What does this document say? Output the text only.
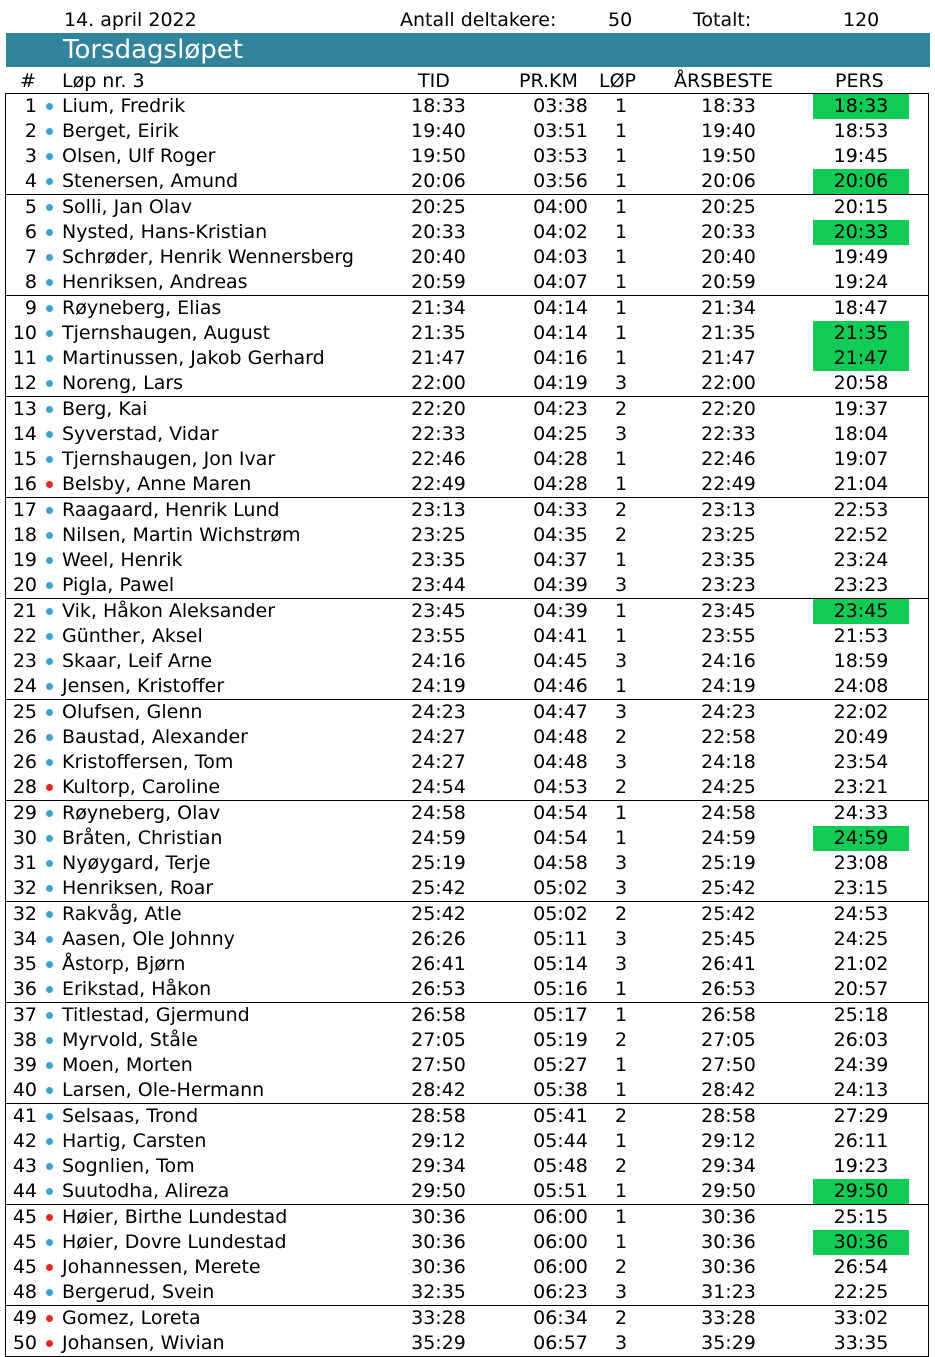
14. april 2022	Antall deltakere:	50	Totalt:	120
Torsdagsløpet
# Løp nr. 3	TID	PR.KM LØP ÅRSBESTE	PERS
1 Lium, Fredrik	18:33	03:38 1	18:33	18:33
2 Berget, Eirik	19:40	03:51 1	19:40	18:53
3 Olsen, Ulf Roger	19:50	03:53 1	19:50	19:45
4 Stenersen, Amund	20:06	03:56 1	20:06	20:06
5 Solli, Jan Olav	20:25	04:00 1	20:25	20:15
6 Nysted, Hans-Kristian	20:33	04:02 1	20:33	20:33
7 Schrøder, Henrik Wennersberg	20:40	04:03 1	20:40	19:49
8 Henriksen, Andreas	20:59	04:07 1	20:59	19:24
9 Røyneberg, Elias	21:34	04:14 1	21:34	18:47
10 Tjernshaugen, August	21:35	04:14 1	21:35	21:35
11 Martinussen, Jakob Gerhard	21:47	04:16 1	21:47	21:47
12 Noreng, Lars	22:00	04:19 3	22:00	20:58
13 Berg, Kai	22:20	04:23 2	22:20	19:37
14 Syverstad, Vidar	22:33	04:25 3	22:33	18:04
15 Tjernshaugen, Jon Ivar	22:46	04:28 1	22:46	19:07
16 Belsby, Anne Maren	22:49	04:28 1	22:49	21:04
17 Raagaard, Henrik Lund	23:13	04:33 2	23:13	22:53
18 Nilsen, Martin Wichstrøm	23:25	04:35 2	23:25	22:52
19 Weel, Henrik	23:35	04:37 1	23:35	23:24
20 Pigla, Pawel	23:44	04:39 3	23:23	23:23
21 Vik, Håkon Aleksander	23:45	04:39 1	23:45	23:45
22 Günther, Aksel	23:55	04:41 1	23:55	21:53
23 Skaar, Leif Arne	24:16	04:45 3	24:16	18:59
24 Jensen, Kristoffer	24:19	04:46 1	24:19	24:08
25 Olufsen, Glenn	24:23	04:47 3	24:23	22:02
26 Baustad, Alexander	24:27	04:48 2	22:58	20:49
26 Kristoffersen, Tom	24:27	04:48 3	24:18	23:54
28 Kultorp, Caroline	24:54	04:53 2	24:25	23:21
29 Røyneberg, Olav	24:58	04:54 1	24:58	24:33
30 Bråten, Christian	24:59	04:54 1	24:59	24:59
31 Nyøygard, Terje	25:19	04:58 3	25:19	23:08
32 Henriksen, Roar	25:42	05:02 3	25:42	23:15
32 Rakvåg, Atle	25:42	05:02 2	25:42	24:53
34 Aasen, Ole Johnny	26:26	05:11 3	25:45	24:25
35 Åstorp, Bjørn	26:41	05:14 3	26:41	21:02
36 Erikstad, Håkon	26:53	05:16 1	26:53	20:57
37 Titlestad, Gjermund	26:58	05:17 1	26:58	25:18
38 Myrvold, Ståle	27:05	05:19 2	27:05	26:03
39 Moen, Morten	27:50	05:27 1	27:50	24:39
40 Larsen, Ole-Hermann	28:42	05:38 1	28:42	24:13
41 Selsaas, Trond	28:58	05:41 2	28:58	27:29
42 Hartig, Carsten	29:12	05:44 1	29:12	26:11
43 Sognlien, Tom	29:34	05:48 2	29:34	19:23
44 Suutodha, Alireza	29:50	05:51 1	29:50	29:50
45 Høier, Birthe Lundestad	30:36	06:00 1	30:36	25:15
45 Høier, Dovre Lundestad	30:36	06:00 1	30:36	30:36
45 Johannessen, Merete	30:36	06:00 2	30:36	26:54
48 Bergerud, Svein	32:35	06:23 3	31:23	22:25
49 Gomez, Loreta	33:28	06:34 2	33:28	33:02
50 Johansen, Wivian	35:29	06:57 3	35:29	33:35
